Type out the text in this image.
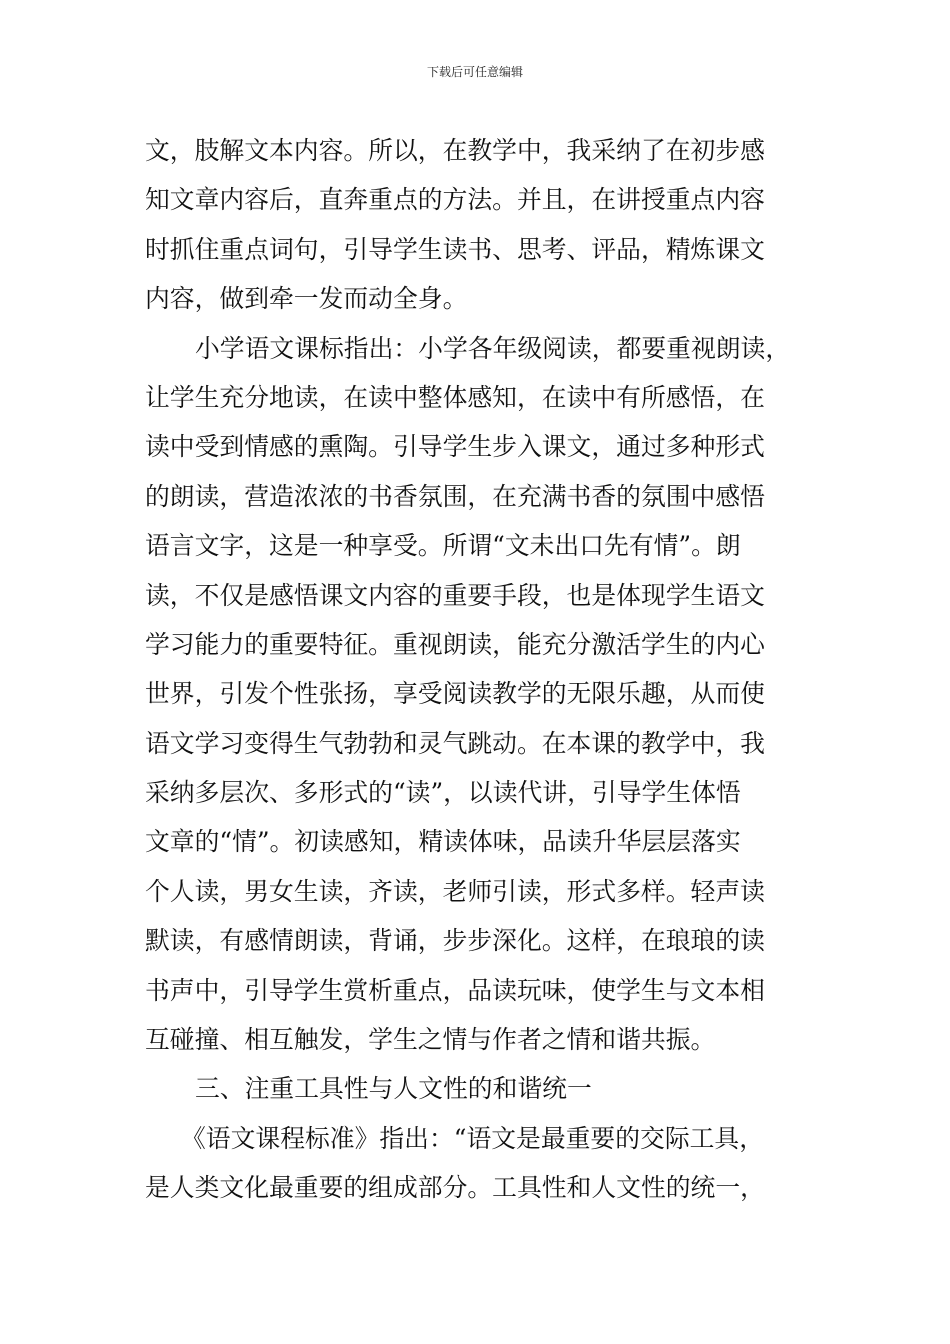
下载后可任意编辑
文，肢解文本内容。所以，在教学中，我采纳了在初步感
知文章内容后，直奔重点的方法。并且，在讲授重点内容
时抓住重点词句，引导学生读书、思考、评品，精炼课文
内容，做到牵一发而动全身。
小学语文课标指出：小学各年级阅读，都要重视朗读，
让学生充分地读，在读中整体感知，在读中有所感悟，在
读中受到情感的熏陶。引导学生步入课文，通过多种形式
的朗读，营造浓浓的书香氛围，在充满书香的氛围中感悟
语言文字，这是一种享受。所谓“文未出口先有情”。朗
读，不仅是感悟课文内容的重要手段，也是体现学生语文
学习能力的重要特征。重视朗读，能充分激活学生的内心
世界，引发个性张扬，享受阅读教学的无限乐趣，从而使
语文学习变得生气勃勃和灵气跳动。在本课的教学中，我
采纳多层次、多形式的“读”，以读代讲，引导学生体悟
文章的“情”。初读感知，精读体味，品读升华层层落实
个人读，男女生读，齐读，老师引读，形式多样。轻声读
默读，有感情朗读，背诵，步步深化。这样，在琅琅的读
书声中，引导学生赏析重点，品读玩味，使学生与文本相
互碰撞、相互触发，学生之情与作者之情和谐共振。
三、注重工具性与人文性的和谐统一
《语文课程标准》指出：“语文是最重要的交际工具，
是人类文化最重要的组成部分。工具性和人文性的统一，
